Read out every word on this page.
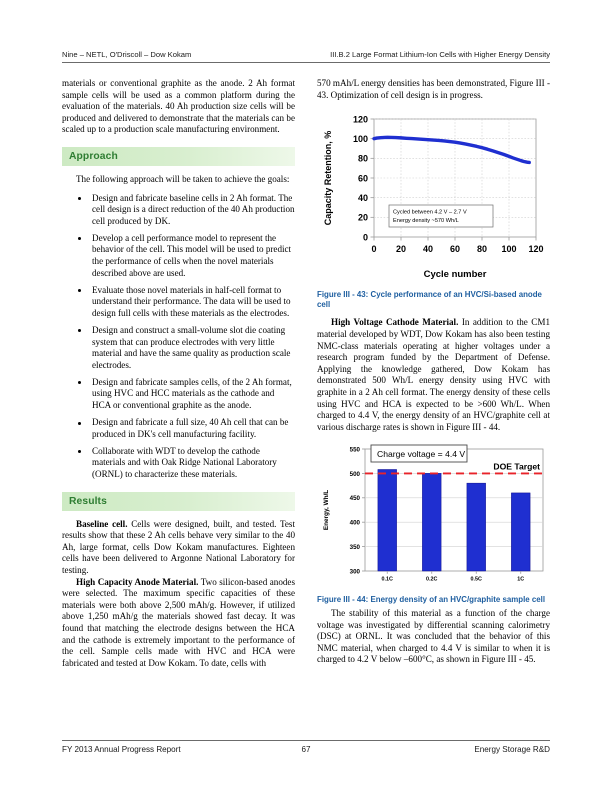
Nine – NETL, O'Driscoll – Dow Kokam	III.B.2 Large Format Lithium-Ion Cells with Higher Energy Density

materials or conventional graphite as the anode. 2 Ah format sample cells will be used as a common platform during the evaluation of the materials. 40 Ah production size cells will be produced and delivered to demonstrate that the materials can be scaled up to a production scale manufacturing environment.

Approach

The following approach will be taken to achieve the goals:

Design and fabricate baseline cells in 2 Ah format. The cell design is a direct reduction of the 40 Ah production cell produced by DK.
Develop a cell performance model to represent the behavior of the cell. This model will be used to predict the performance of cells when the novel materials described above are used.
Evaluate those novel materials in half-cell format to understand their performance. The data will be used to design full cells with these materials as the electrodes.
Design and construct a small-volume slot die coating system that can produce electrodes with very little material and have the same quality as production scale electrodes.
Design and fabricate samples cells, of the 2 Ah format, using HVC and HCC materials as the cathode and HCA or conventional graphite as the anode.
Design and fabricate a full size, 40 Ah cell that can be produced in DK's cell manufacturing facility.
Collaborate with WDT to develop the cathode materials and with Oak Ridge National Laboratory (ORNL) to characterize these materials.
Results

Baseline cell. Cells were designed, built, and tested. Test results show that these 2 Ah cells behave very similar to the 40 Ah, large format, cells Dow Kokam manufactures. Eighteen cells have been delivered to Argonne National Laboratory for testing.

High Capacity Anode Material. Two silicon-based anodes were selected. The maximum specific capacities of these materials were both above 2,500 mAh/g. However, if utilized above 1,250 mAh/g the materials showed fast decay. It was found that matching the electrode designs between the HCA and the cathode is extremely important to the performance of the cell. Sample cells made with HVC and HCA were fabricated and tested at Dow Kokam. To date, cells with

570 mAh/L energy densities has been demonstrated, Figure III - 43. Optimization of cell design is in progress.

0
20
40
60
80
100
120
0 20 40 60 80 100 120
Capacity Retention, %
Cycle number
Cycled between 4.2 V – 2.7 V
Energy density ~570 Wh/L
Figure III - 43: Cycle performance of an HVC/Si-based anode cell

High Voltage Cathode Material. In addition to the CM1 material developed by WDT, Dow Kokam has also been testing NMC-class materials operating at higher voltages under a research program funded by the Department of Defense. Applying the knowledge gathered, Dow Kokam has demonstrated 500 Wh/L energy density using HVC with graphite in a 2 Ah cell format. The energy density of these cells using HVC and HCA is expected to be >600 Wh/L. When charged to 4.4 V, the energy density of an HVC/graphite cell at various discharge rates is shown in Figure III - 44.

300
350
400
450
500
550
0.1C	0.2C	0.5C	1C
DOE Target
Energy, Wh/L
Charge voltage = 4.4 V
Figure III - 44: Energy density of an HVC/graphite sample cell

The stability of this material as a function of the charge voltage was investigated by differential scanning calorimetry (DSC) at ORNL. It was concluded that the behavior of this NMC material, when charged to 4.4 V is similar to when it is charged to 4.2 V below –600°C, as shown in Figure III - 45.

FY 2013 Annual Progress Report	67	Energy Storage R&D
